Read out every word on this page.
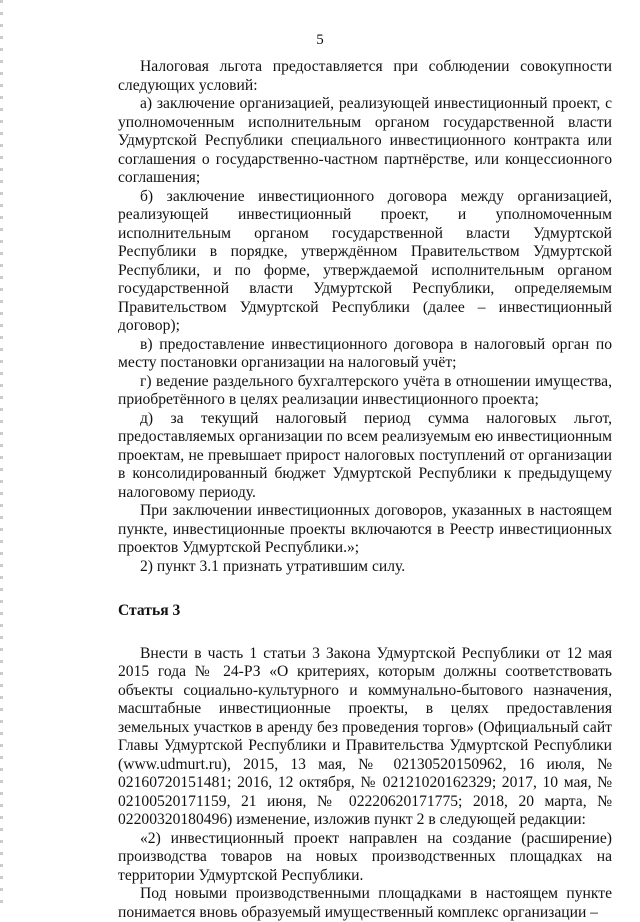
5

Налоговая льгота предоставляется при соблюдении совокупности следующих условий:

а) заключение организацией, реализующей инвестиционный проект, с уполномоченным исполнительным органом государственной власти Удмуртской Республики специального инвестиционного контракта или соглашения о государственно-частном партнёрстве, или концессионного соглашения;

б) заключение инвестиционного договора между организацией, реализующей инвестиционный проект, и уполномоченным исполнительным органом государственной власти Удмуртской Республики в порядке, утверждённом Правительством Удмуртской Республики, и по форме, утверждаемой исполнительным органом государственной власти Удмуртской Республики, определяемым Правительством Удмуртской Республики (далее – инвестиционный договор);

в) предоставление инвестиционного договора в налоговый орган по месту постановки организации на налоговый учёт;

г) ведение раздельного бухгалтерского учёта в отношении имущества, приобретённого в целях реализации инвестиционного проекта;

д) за текущий налоговый период сумма налоговых льгот, предоставляемых организации по всем реализуемым ею инвестиционным проектам, не превышает прирост налоговых поступлений от организации в консолидированный бюджет Удмуртской Республики к предыдущему налоговому периоду.

При заключении инвестиционных договоров, указанных в настоящем пункте, инвестиционные проекты включаются в Реестр инвестиционных проектов Удмуртской Республики.»;

2) пункт 3.1 признать утратившим силу.

Статья 3

Внести в часть 1 статьи 3 Закона Удмуртской Республики от 12 мая 2015 года № 24-РЗ «О критериях, которым должны соответствовать объекты социально-культурного и коммунально-бытового назначения, масштабные инвестиционные проекты, в целях предоставления земельных участков в аренду без проведения торгов» (Официальный сайт Главы Удмуртской Республики и Правительства Удмуртской Республики (www.udmurt.ru), 2015, 13 мая, № 02130520150962, 16 июля, № 02160720151481; 2016, 12 октября, № 02121020162329; 2017, 10 мая, № 02100520171159, 21 июня, № 02220620171775; 2018, 20 марта, № 02200320180496) изменение, изложив пункт 2 в следующей редакции:

«2) инвестиционный проект направлен на создание (расширение) производства товаров на новых производственных площадках на территории Удмуртской Республики.

Под новыми производственными площадками в настоящем пункте понимается вновь образуемый имущественный комплекс организации –
